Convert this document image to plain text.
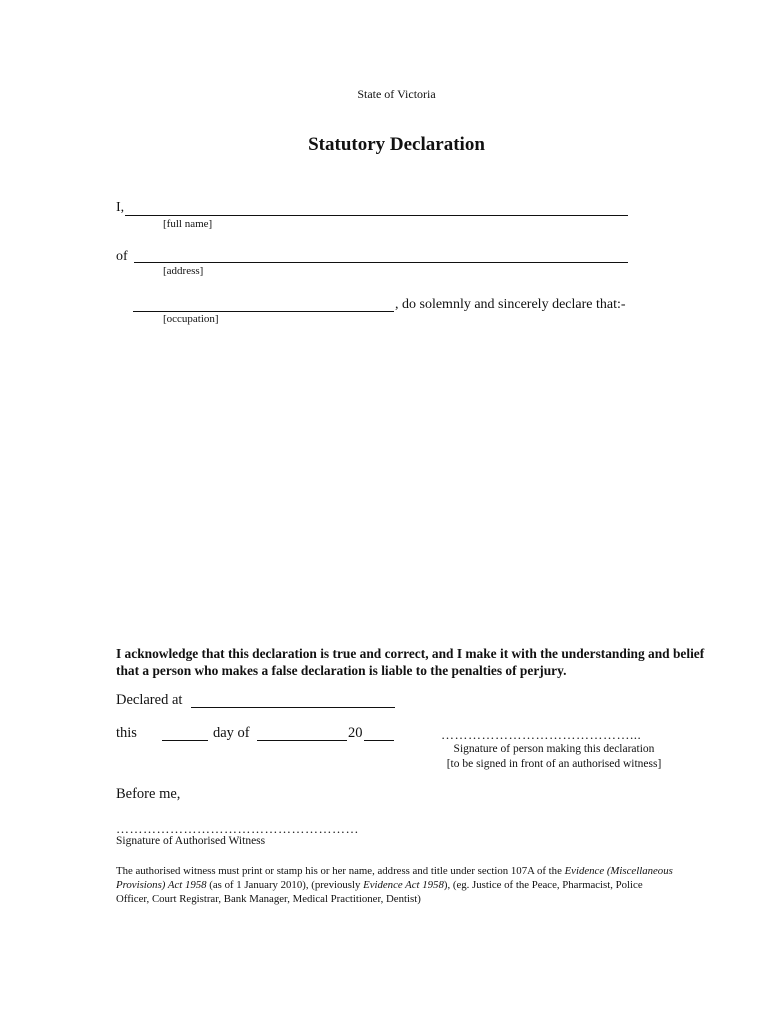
State of Victoria
Statutory Declaration
I,
[full name]
of
[address]
, do solemnly and sincerely declare that:-
[occupation]
I acknowledge that this declaration is true and correct, and I make it with the understanding and belief that a person who makes a false declaration is liable to the penalties of perjury.
Declared at
this	day of	20	……………………………………...
Signature of person making this declaration
[to be signed in front of an authorised witness]
Before me,
………………………………………………
Signature of Authorised Witness
The authorised witness must print or stamp his or her name, address and title under section 107A of the Evidence (Miscellaneous Provisions) Act 1958 (as of 1 January 2010), (previously Evidence Act 1958), (eg. Justice of the Peace, Pharmacist, Police Officer, Court Registrar, Bank Manager, Medical Practitioner, Dentist)
